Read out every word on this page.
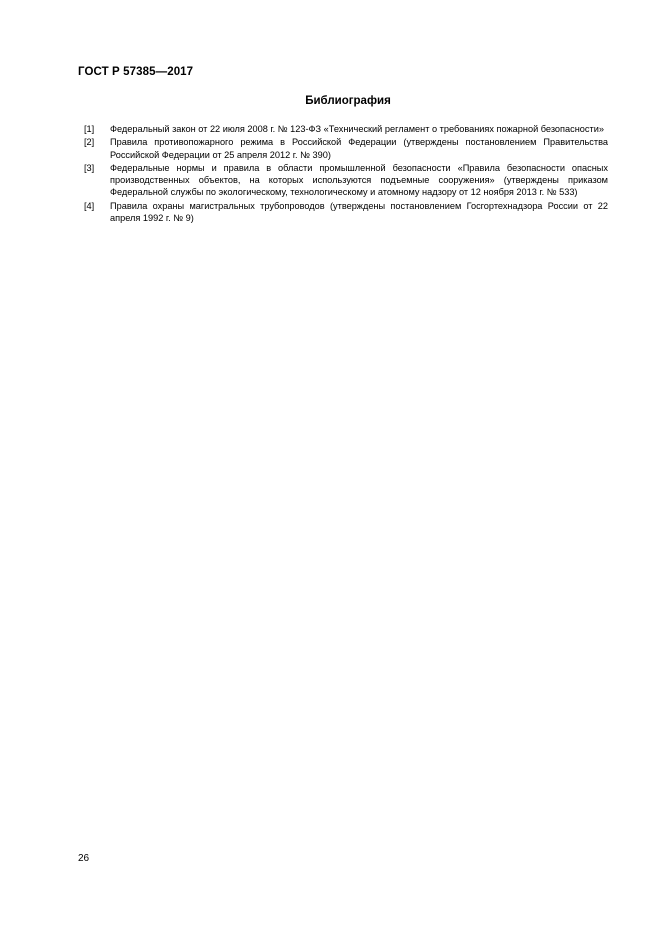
ГОСТ Р 57385—2017
Библиография
[1]	Федеральный закон от 22 июля 2008 г. № 123-ФЗ «Технический регламент о требованиях пожарной безопасности»
[2]	Правила противопожарного режима в Российской Федерации (утверждены постановлением Правительства Российской Федерации от 25 апреля 2012 г. № 390)
[3]	Федеральные нормы и правила в области промышленной безопасности «Правила безопасности опасных производственных объектов, на которых используются подъемные сооружения» (утверждены приказом Федеральной службы по экологическому, технологическому и атомному надзору от 12 ноября 2013 г. № 533)
[4]	Правила охраны магистральных трубопроводов (утверждены постановлением Госгортехнадзора России от 22 апреля 1992 г. № 9)
26
